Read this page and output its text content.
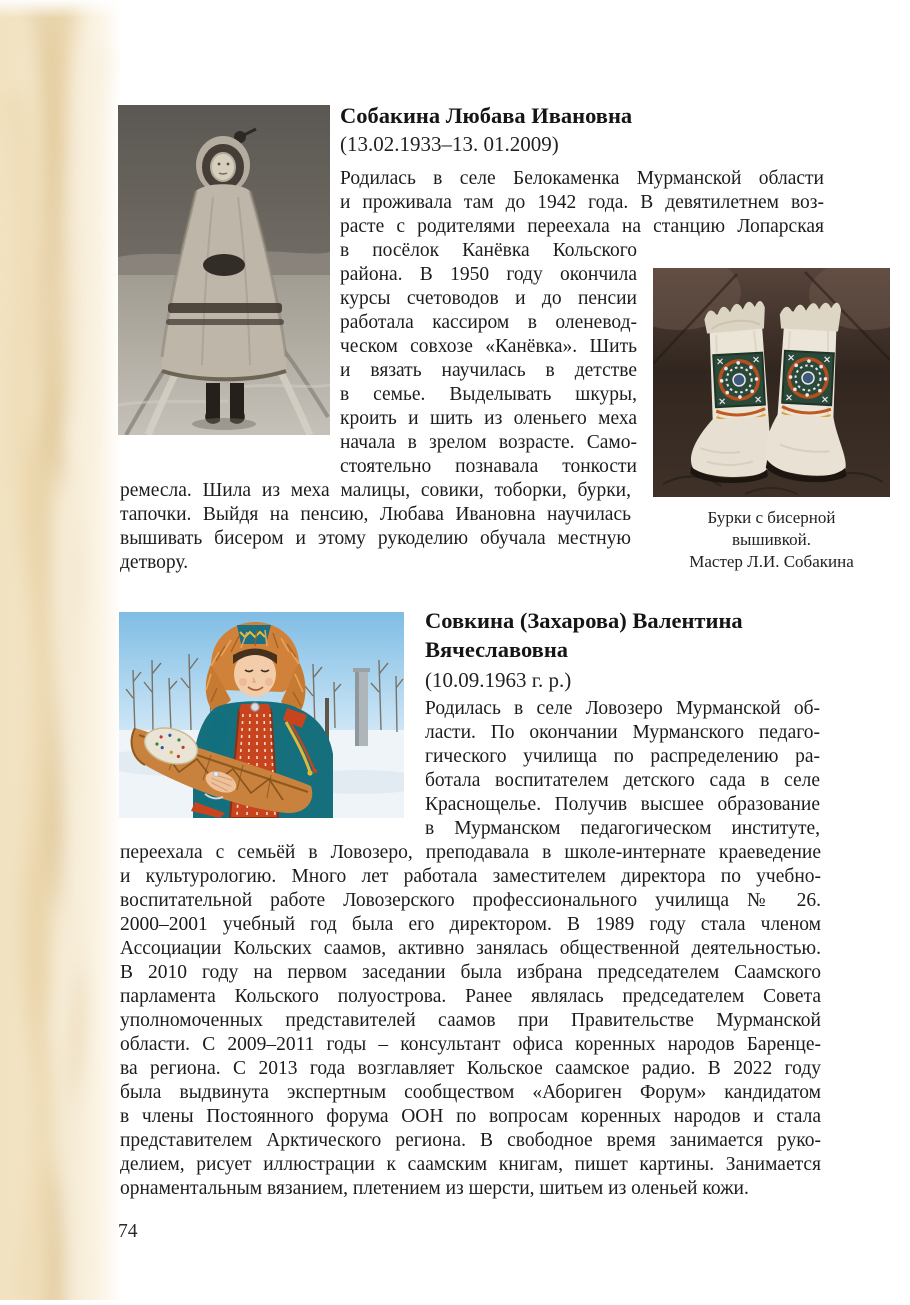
Собакина Любава Ивановна
(13.02.1933–13. 01.2009)
Родилась в селе Белокаменка Мурманской области
и проживала там до 1942 года. В девятилетнем воз-
расте с родителями переехала на станцию Лопарская
в посёлок Канёвка Кольского
района. В 1950 году окончила
курсы счетоводов и до пенсии
работала кассиром в оленевод-
ческом совхозе «Канёвка». Шить
и вязать научилась в детстве
в семье. Выделывать шкуры,
кроить и шить из оленьего меха
начала в зрелом возрасте. Само-
стоятельно познавала тонкости
Бурки с бисерной
вышивкой.
Мастер Л.И. Собакина
ремесла. Шила из меха малицы, совики, тоборки, бурки,
тапочки. Выйдя на пенсию, Любава Ивановна научилась
вышивать бисером и этому рукоделию обучала местную
детвору.
Совкина (Захарова) Валентина
Вячеславовна
(10.09.1963 г. р.)
Родилась в селе Ловозеро Мурманской об-
ласти. По окончании Мурманского педаго-
гического училища по распределению ра-
ботала воспитателем детского сада в селе
Краснощелье. Получив высшее образование
в Мурманском педагогическом институте,
переехала с семьёй в Ловозеро, преподавала в школе-интернате краеведение
и культурологию. Много лет работала заместителем директора по учебно-
воспитательной работе Ловозерского профессионального училища № 26.
2000–2001 учебный год была его директором. В 1989 году стала членом
Ассоциации Кольских саамов, активно занялась общественной деятельностью.
В 2010 году на первом заседании была избрана председателем Саамского
парламента Кольского полуострова. Ранее являлась председателем Совета
уполномоченных представителей саамов при Правительстве Мурманской
области. С 2009–2011 годы – консультант офиса коренных народов Баренце-
ва региона. С 2013 года возглавляет Кольское саамское радио. В 2022 году
была выдвинута экспертным сообществом «Абориген Форум» кандидатом
в члены Постоянного форума ООН по вопросам коренных народов и стала
представителем Арктического региона. В свободное время занимается руко-
делием, рисует иллюстрации к саамским книгам, пишет картины. Занимается
орнаментальным вязанием, плетением из шерсти, шитьем из оленьей кожи.
74
